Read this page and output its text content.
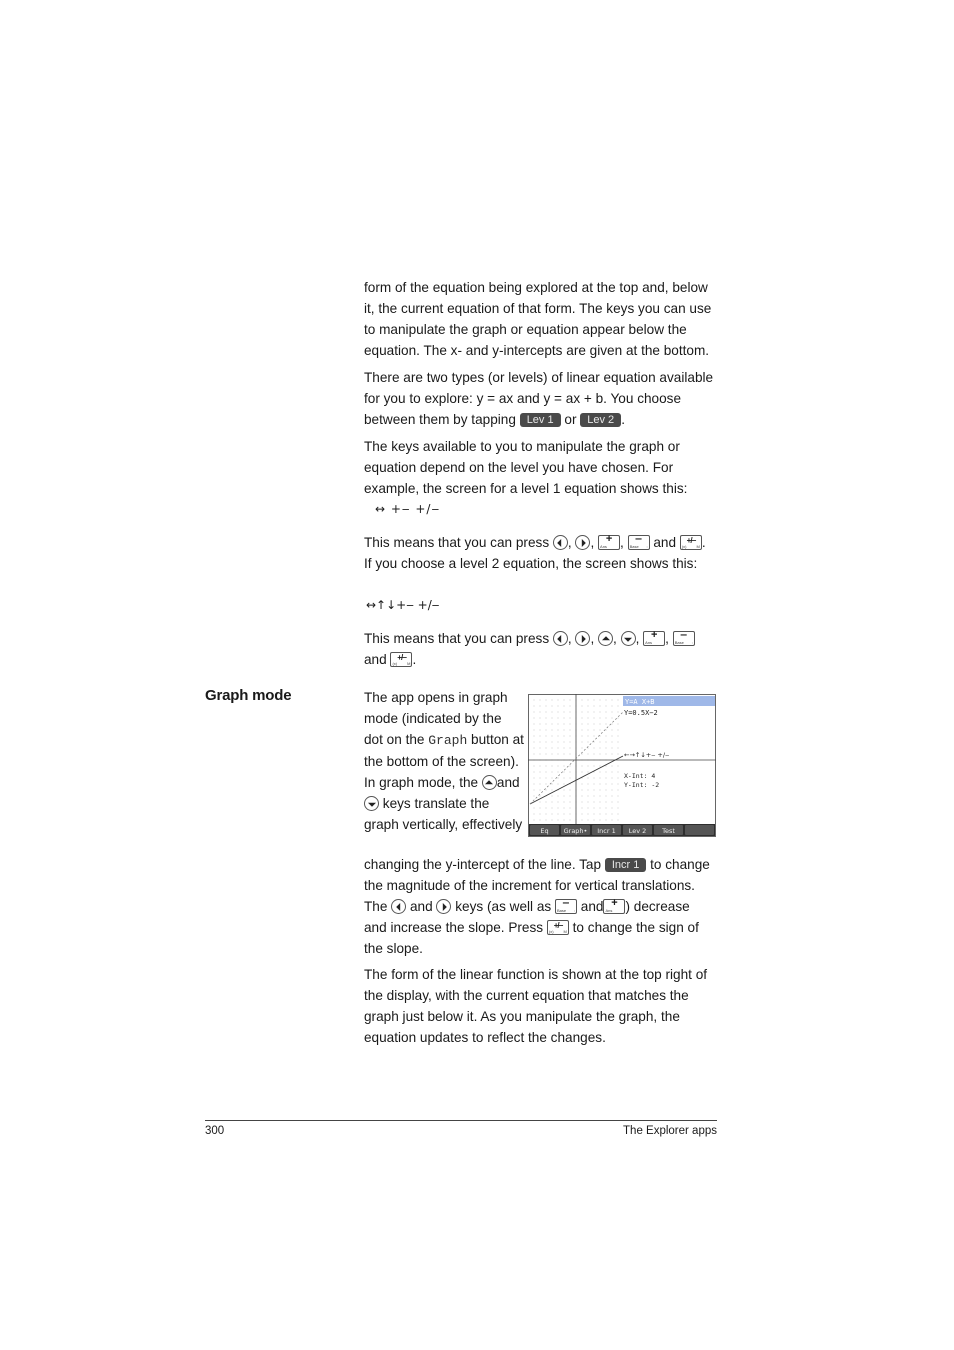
form of the equation being explored at the top and, below it, the current equation of that form. The keys you can use to manipulate the graph or equation appear below the equation. The x- and y-intercepts are given at the bottom.

There are two types (or levels) of linear equation available for you to explore: y = ax and y = ax + b. You choose between them by tapping Lev 1 or Lev 2 .

The keys available to you to manipulate the graph or equation depend on the level you have chosen. For example, the screen for a level 1 equation shows this:

↔ +‒ +/‒

This means that you can press , ,	+
Ans ,	‒
Base : and	+/‒
(x) M . If you choose a level 2 equation, the screen shows this:

↔↑↓+‒ +/‒

This means that you can press , , , ,	+
Ans ,	‒
Base :
and	+/‒
(x) M .

Graph mode	The app opens in graph mode (indicated by the dot on the Graph button at the bottom of the screen). In graph mode, the and  keys translate the graph vertically, effectively

Y=A X+B
Y=0.5X−2
←→↑↓+‒ +/‒
X-Int: 4
Y-Int: -2
Eq Graph• Incr 1 Lev 2 Test

changing the y-intercept of the line. Tap Incr 1 to change the magnitude of the increment for vertical translations. The and keys (as well as	‒
Base : and +
Ans ) decrease and increase the slope. Press	+/‒
(x) M to change the sign of the slope.

The form of the linear function is shown at the top right of the display, with the current equation that matches the graph just below it. As you manipulate the graph, the equation updates to reflect the changes.

300	The Explorer apps
